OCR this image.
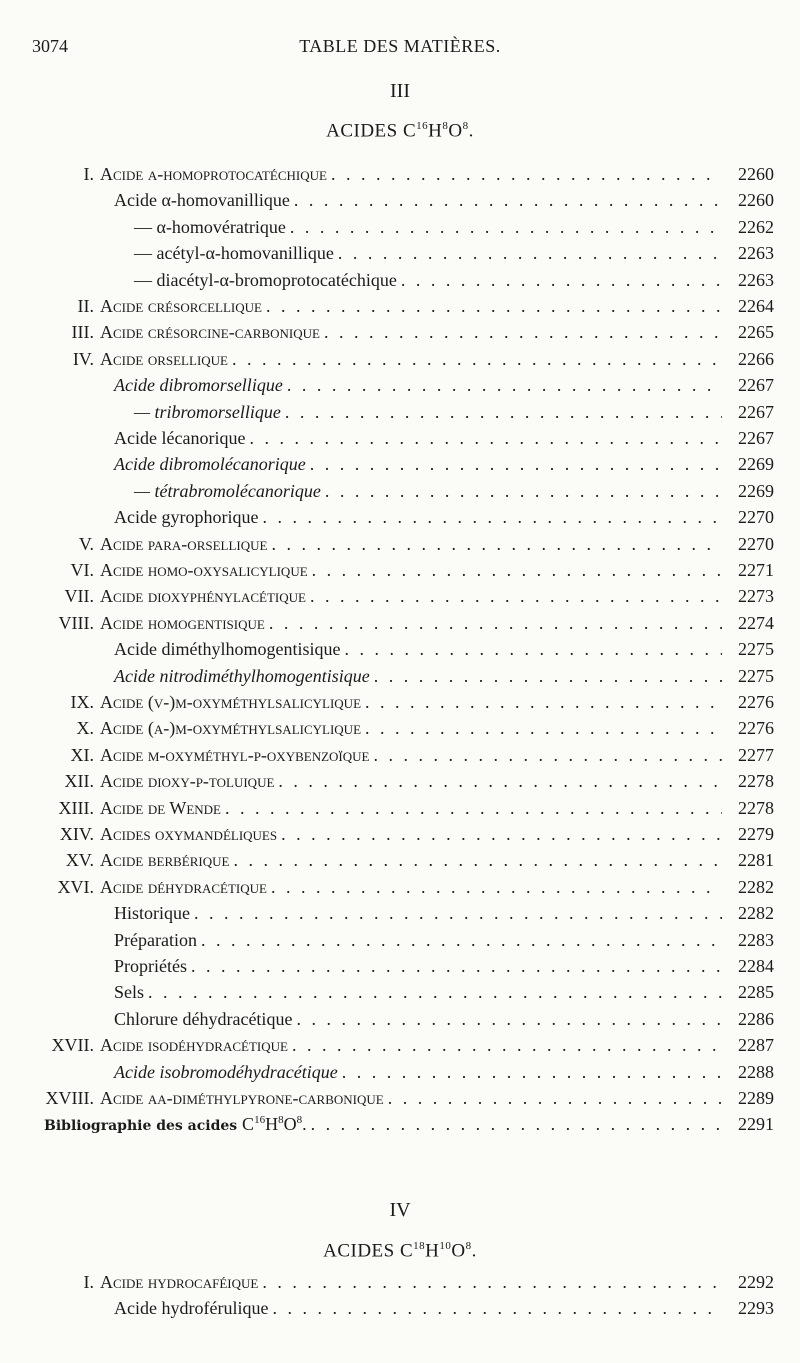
3074	TABLE DES MATIÈRES.
III
ACIDES $C^{16}H^8O^8$.
I. Acide α-homoprotocatéchique . . .	2260
Acide α-homovanillique . . .	2260
— α-homovératrique . . .	2262
— acétyl-α-homovanillique . . .	2263
— diacétyl-α-bromoprotocatéchique . . .	2263
II. Acide crésorcellique . . .	2264
III. Acide crésorcine-carbonique . . .	2265
IV. Acide orsellique . . .	2266
Acide dibromorsellique . . .	2267
— tribromorsellique . . .	2267
Acide lécanorique . . .	2267
Acide dibromolécanorique . . .	2269
— tétrabromolécanorique . . .	2269
Acide gyrophorique . . .	2270
V. Acide para-orsellique . . .	2270
VI. Acide homo-oxysalicylique . . .	2271
VII. Acide dioxyphénylacétique . . .	2273
VIII. Acide homogentisique . . .	2274
Acide diméthylhomogentisique . . .	2275
Acide nitrodiméthylhomogentisique . . .	2275
IX. Acide (v-)m-oxyméthylsalicylique . . .	2276
X. Acide (a-)m-oxyméthylsalicylique . . .	2276
XI. Acide m-oxyméthyl-p-oxybenzoïque . . .	2277
XII. Acide dioxy-p-toluique . . .	2278
XIII. Acide de Wende . . .	2278
XIV. Acides oxymandéliques . . .	2279
XV. Acide berbérique . . .	2281
XVI. Acide déhydracétique . . .	2282
Historique . . .	2282
Préparation . . .	2283
Propriétés . . .	2284
Sels . . .	2285
Chlorure déhydracétique . . .	2286
XVII. Acide isodéhydracétique . . .	2287
Acide isobromodéhydracétique . . .	2288
XVIII. Acide αα-diméthylpyrone-carbonique . . .	2289
Bibliographie des acides $C^{16}H^8O^8$. . . .	2291
IV
ACIDES $C^{18}H^{10}O^8$.
I. Acide hydrocaféique . . .	2292
Acide hydroférulique . . .	2293
